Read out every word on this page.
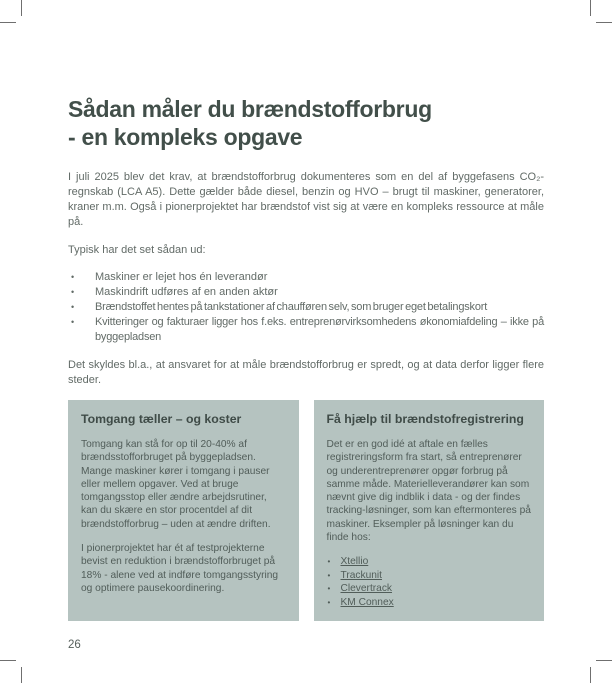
Sådan måler du brændstofforbrug
- en kompleks opgave

I juli 2025 blev det krav, at brændstofforbrug dokumenteres som en del af byggefasens CO₂-regnskab (LCA A5). Dette gælder både diesel, benzin og HVO – brugt til maskiner, generatorer, kraner m.m. Også i pionerprojektet har brændstof vist sig at være en kompleks ressource at måle på.

Typisk har det set sådan ud:

• Maskiner er lejet hos én leverandør
• Maskindrift udføres af en anden aktør
• Brændstoffet hentes på tankstationer af chaufføren selv, som bruger eget betalingskort
• Kvitteringer og fakturaer ligger hos f.eks. entreprenørvirksomhedens økonomiafdeling – ikke på byggepladsen

Det skyldes bl.a., at ansvaret for at måle brændstofforbrug er spredt, og at data derfor ligger flere steder.

Tomgang tæller – og koster

Tomgang kan stå for op til 20-40% af brændsstofforbruget på byggepladsen. Mange maskiner kører i tomgang i pauser eller mellem opgaver. Ved at bruge tomgangsstop eller ændre arbejdsrutiner, kan du skære en stor procentdel af dit brændstofforbrug – uden at ændre driften.

I pionerprojektet har ét af testprojekterne bevist en reduktion i brændstofforbruget på 18% - alene ved at indføre tomgangsstyring og optimere pausekoordinering.

Få hjælp til brændstofregistrering

Det er en god idé at aftale en fælles registreringsform fra start, så entreprenører og underentreprenører opgør forbrug på samme måde. Materielleverandører kan som nævnt give dig indblik i data - og der findes tracking-løsninger, som kan eftermonteres på maskiner. Eksempler på løsninger kan du finde hos:

• Xtellio
• Trackunit
• Clevertrack
• KM Connex
26
